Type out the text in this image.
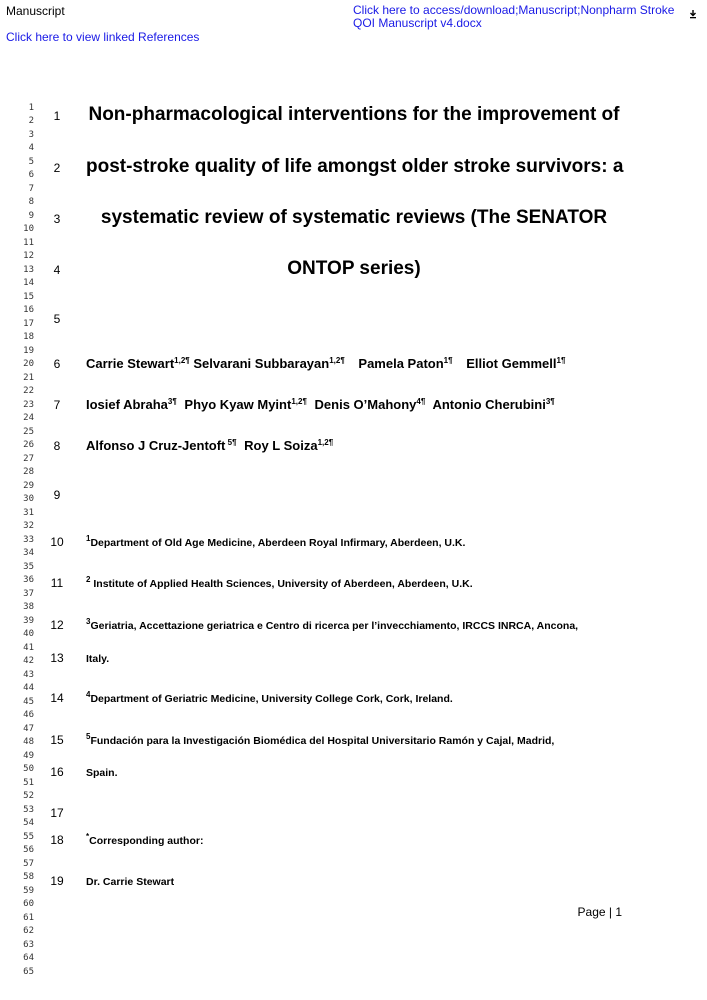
Manuscript	Click here to access/download;Manuscript;Nonpharm Stroke
QOI Manuscript v4.docx
Click here to view linked References
1
2
3
4
5
6
7
8
9
10
11
12
13
14
15
16
17
18
19
20
21
22
23
24
25
26
27
28
29
30
31
32
33
34
35
36
37
38
39
40
41
42
43
44
45
46
47
48
49
50
51
52
53
54
55
56
57
58
59
60
61
62
63
64
65
1
2
3
4
5
6
7
8
9
10
11
12
13
14
15
16
17
18
19
Non-pharmacological interventions for the improvement of
post-stroke quality of life amongst older stroke survivors: a
systematic review of systematic reviews (The SENATOR
ONTOP series)
Carrie Stewart$^{1,2\P}$ Selvarani Subbarayan$^{1,2\P}$ Pamela Paton$^{1\P}$ Elliot Gemmell$^{1\P}$
Iosief Abraha$^{3\P}$ Phyo Kyaw Myint$^{1,2\P}$ Denis O’Mahony$^{4\P}$ Antonio Cherubini$^{3\P}$
Alfonso J Cruz-Jentoft $^{5\P}$ Roy L Soiza$^{1,2\P}$
$^1$Department of Old Age Medicine, Aberdeen Royal Infirmary, Aberdeen, U.K.
$^2$ Institute of Applied Health Sciences, University of Aberdeen, Aberdeen, U.K.
$^3$Geriatria, Accettazione geriatrica e Centro di ricerca per l’invecchiamento, IRCCS INRCA, Ancona,
Italy.
$^4$Department of Geriatric Medicine, University College Cork, Cork, Ireland.
$^5$Fundación para la Investigación Biomédica del Hospital Universitario Ramón y Cajal, Madrid,
Spain.
*Corresponding author:
Dr. Carrie Stewart
Page | 1
